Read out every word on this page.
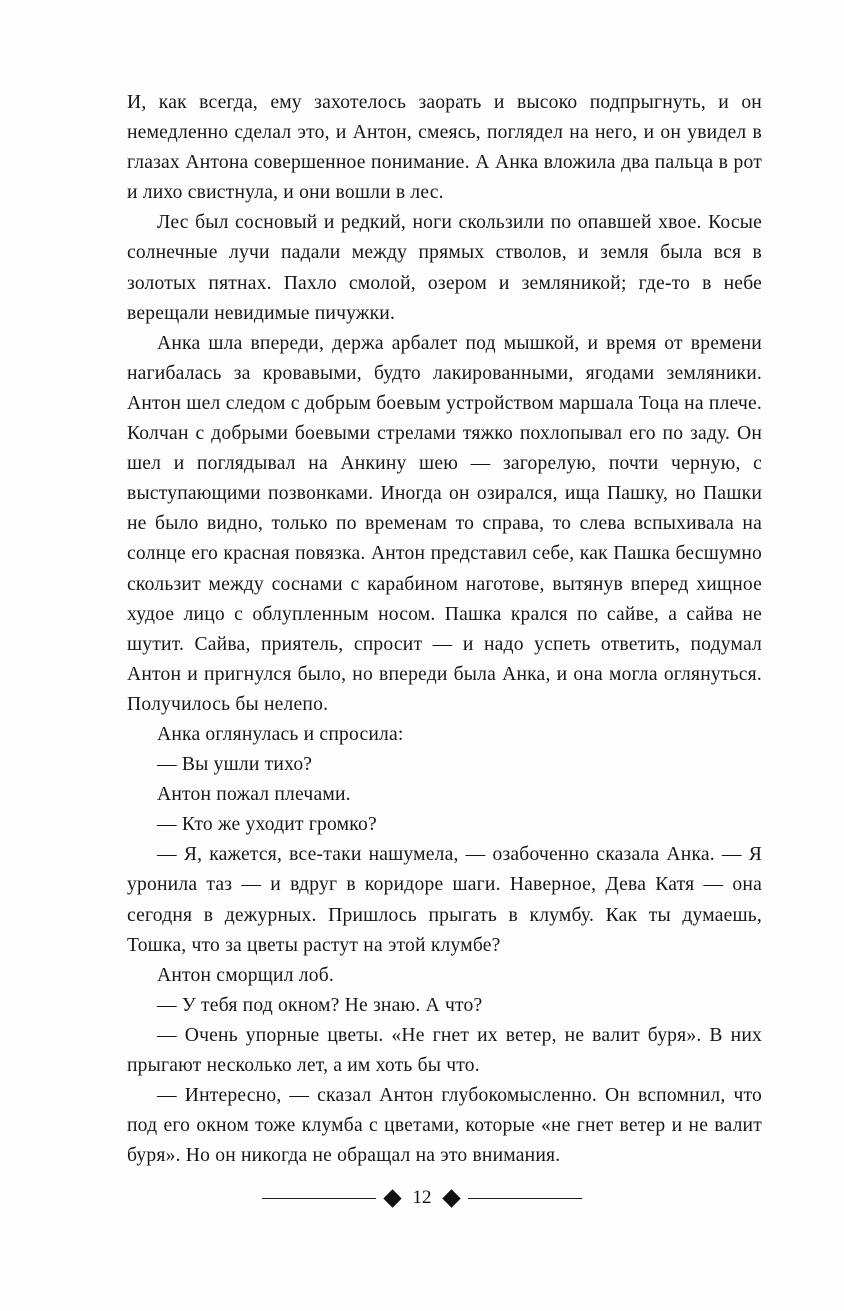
И, как всегда, ему захотелось заорать и высоко подпрыгнуть, и он немедленно сделал это, и Антон, смеясь, поглядел на него, и он увидел в глазах Антона совершенное понимание. А Анка вложила два пальца в рот и лихо свистнула, и они вошли в лес.

Лес был сосновый и редкий, ноги скользили по опавшей хвое. Косые солнечные лучи падали между прямых стволов, и земля была вся в золотых пятнах. Пахло смолой, озером и земляникой; где-то в небе верещали невидимые пичужки.

Анка шла впереди, держа арбалет под мышкой, и время от времени нагибалась за кровавыми, будто лакированными, ягодами земляники. Антон шел следом с добрым боевым устройством маршала Тоца на плече. Колчан с добрыми боевыми стрелами тяжко похлопывал его по заду. Он шел и поглядывал на Анкину шею — загорелую, почти черную, с выступающими позвонками. Иногда он озирался, ища Пашку, но Пашки не было видно, только по временам то справа, то слева вспыхивала на солнце его красная повязка. Антон представил себе, как Пашка бесшумно скользит между соснами с карабином наготове, вытянув вперед хищное худое лицо с облупленным носом. Пашка крался по сайве, а сайва не шутит. Сайва, приятель, спросит — и надо успеть ответить, подумал Антон и пригнулся было, но впереди была Анка, и она могла оглянуться. Получилось бы нелепо.

Анка оглянулась и спросила:

— Вы ушли тихо?

Антон пожал плечами.

— Кто же уходит громко?

— Я, кажется, все-таки нашумела, — озабоченно сказала Анка. — Я уронила таз — и вдруг в коридоре шаги. Наверное, Дева Катя — она сегодня в дежурных. Пришлось прыгать в клумбу. Как ты думаешь, Тошка, что за цветы растут на этой клумбе?

Антон сморщил лоб.

— У тебя под окном? Не знаю. А что?

— Очень упорные цветы. «Не гнет их ветер, не валит буря». В них прыгают несколько лет, а им хоть бы что.

— Интересно, — сказал Антон глубокомысленно. Он вспомнил, что под его окном тоже клумба с цветами, которые «не гнет ветер и не валит буря». Но он никогда не обращал на это внимания.

12
